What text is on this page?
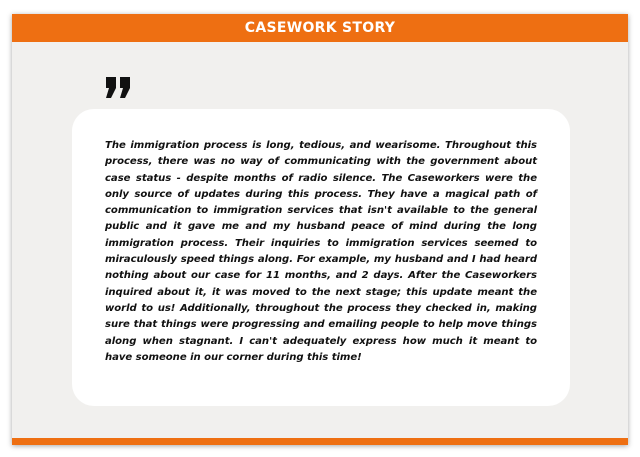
CASEWORK STORY

The immigration process is long, tedious, and wearisome. Throughout this process, there was no way of communicating with the government about case status - despite months of radio silence. The Caseworkers were the only source of updates during this process. They have a magical path of communication to immigration services that isn't available to the general public and it gave me and my husband peace of mind during the long immigration process. Their inquiries to immigration services seemed to miraculously speed things along. For example, my husband and I had heard nothing about our case for 11 months, and 2 days. After the Caseworkers inquired about it, it was moved to the next stage; this update meant the world to us! Additionally, throughout the process they checked in, making sure that things were progressing and emailing people to help move things along when stagnant. I can't adequately express how much it meant to have someone in our corner during this time!
